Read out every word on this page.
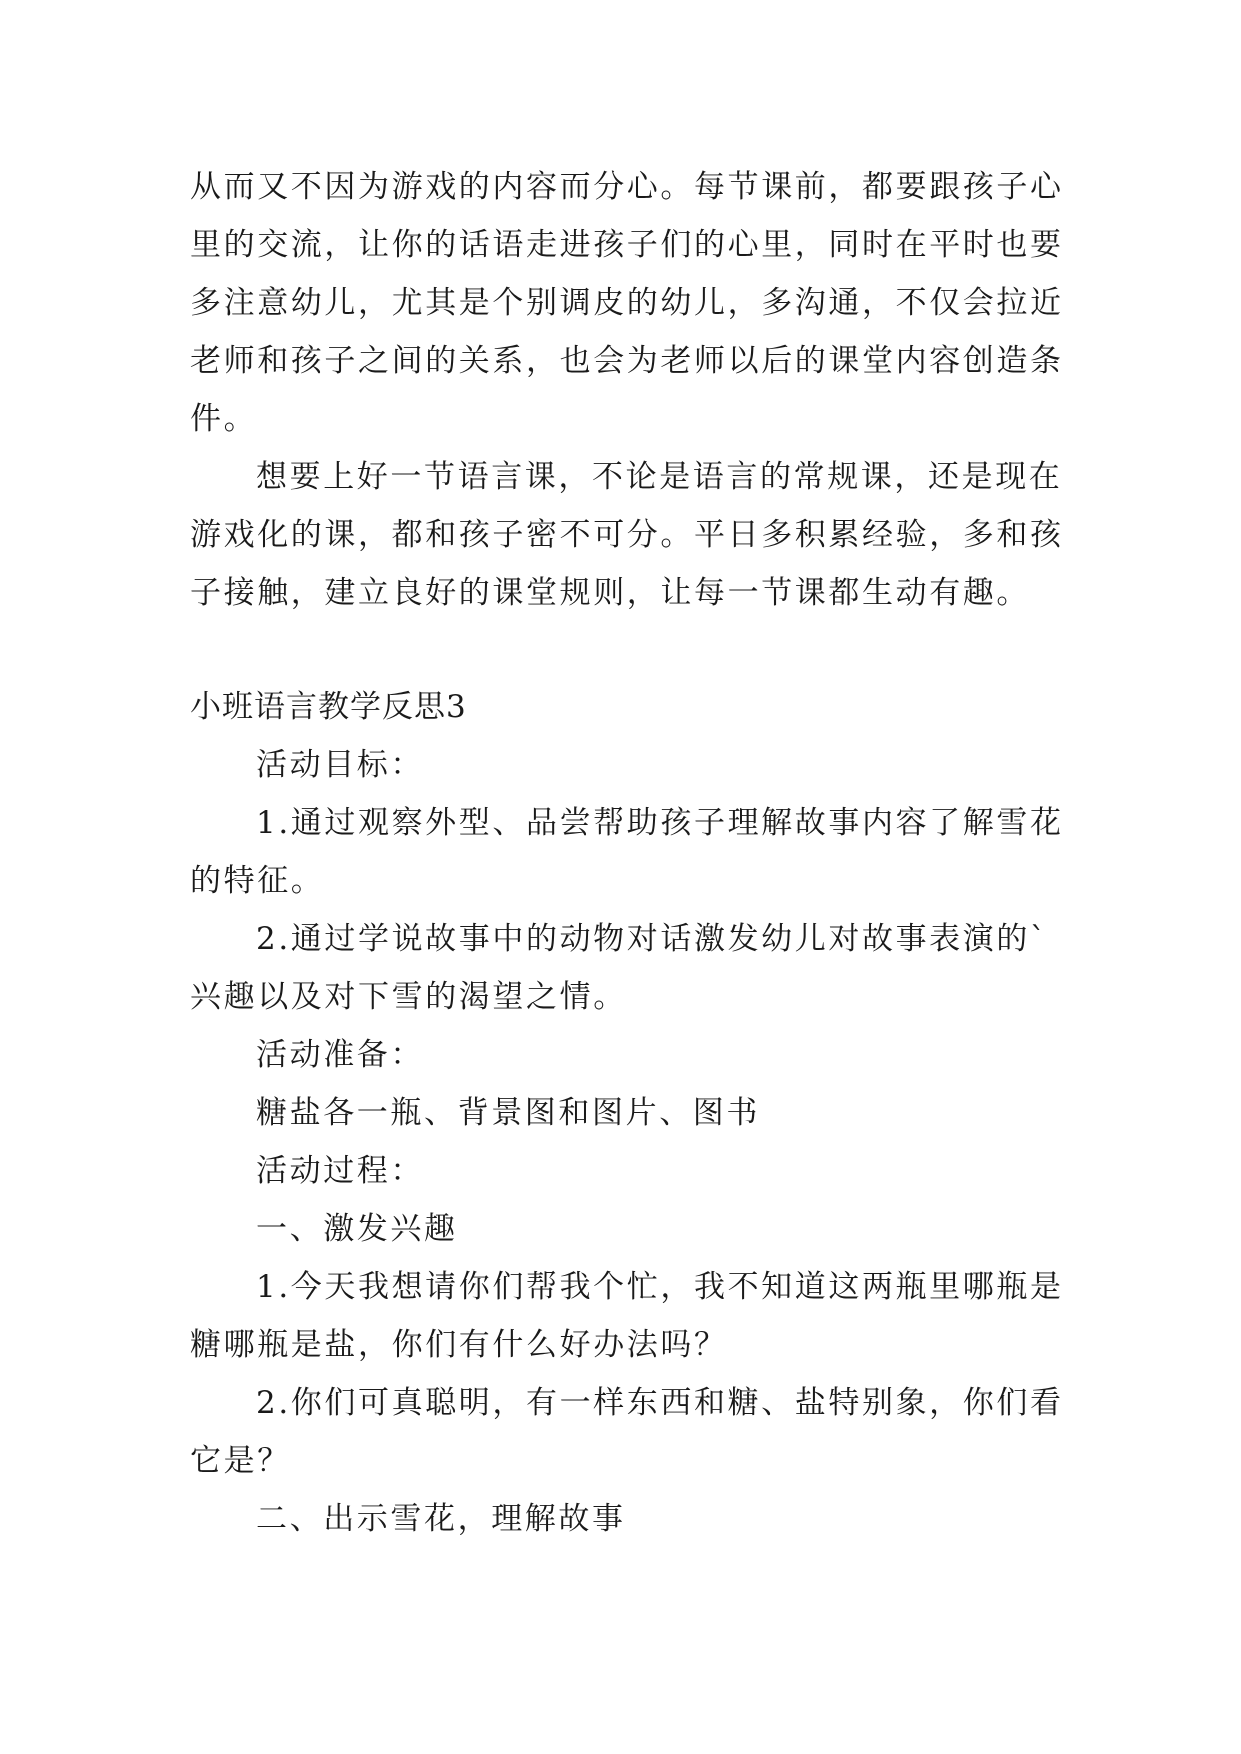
从而又不因为游戏的内容而分心。每节课前，都要跟孩子心
里的交流，让你的话语走进孩子们的心里，同时在平时也要
多注意幼儿，尤其是个别调皮的幼儿，多沟通，不仅会拉近
老师和孩子之间的关系，也会为老师以后的课堂内容创造条
件。
想要上好一节语言课，不论是语言的常规课，还是现在
游戏化的课，都和孩子密不可分。平日多积累经验，多和孩
子接触，建立良好的课堂规则，让每一节课都生动有趣。
小班语言教学反思3
活动目标：
1.通过观察外型、品尝帮助孩子理解故事内容了解雪花
的特征。
2.通过学说故事中的动物对话激发幼儿对故事表演的`
兴趣以及对下雪的渴望之情。
活动准备：
糖盐各一瓶、背景图和图片、图书
活动过程：
一、激发兴趣
1.今天我想请你们帮我个忙，我不知道这两瓶里哪瓶是
糖哪瓶是盐，你们有什么好办法吗？
2.你们可真聪明，有一样东西和糖、盐特别象，你们看
它是？
二、出示雪花，理解故事
